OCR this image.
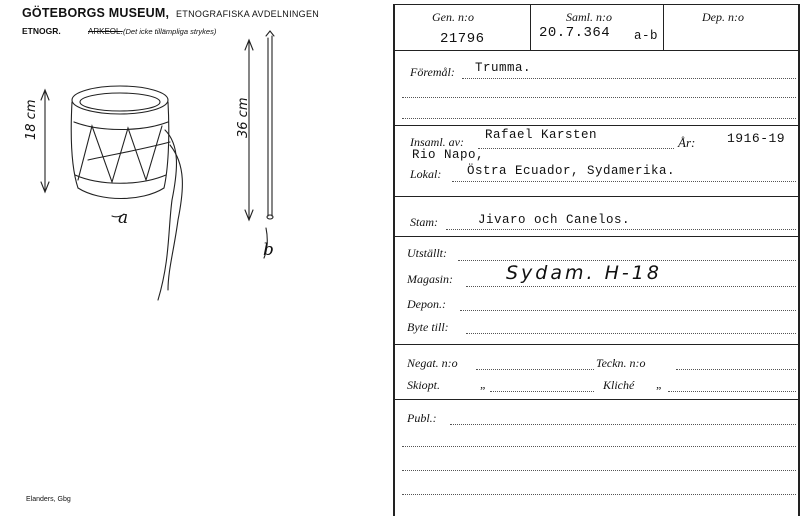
GÖTEBORGS MUSEUM, ETNOGRAFISKA AVDELNINGEN
ETNOGR.	ARKEOL. (Det icke tillämpliga strykes)
18 cm	36 cm
a
b
Elanders, Gbg
Gen. n:o
21796
Saml. n:o
20.7.364 a-b
Dep. n:o
Föremål: Trumma.
Insaml. av: Rafael Karsten	År: 1916-19
Rio Napo,
Lokal: Östra Ecuador, Sydamerika.
Stam:	Jivaro och Canelos.
Utställt:
Magasin:	Sydam. H-18
Depon.:
Byte till:
Negat. n:o	Teckn. n:o
Skiopt.	„	Kliché „
Publ.:
